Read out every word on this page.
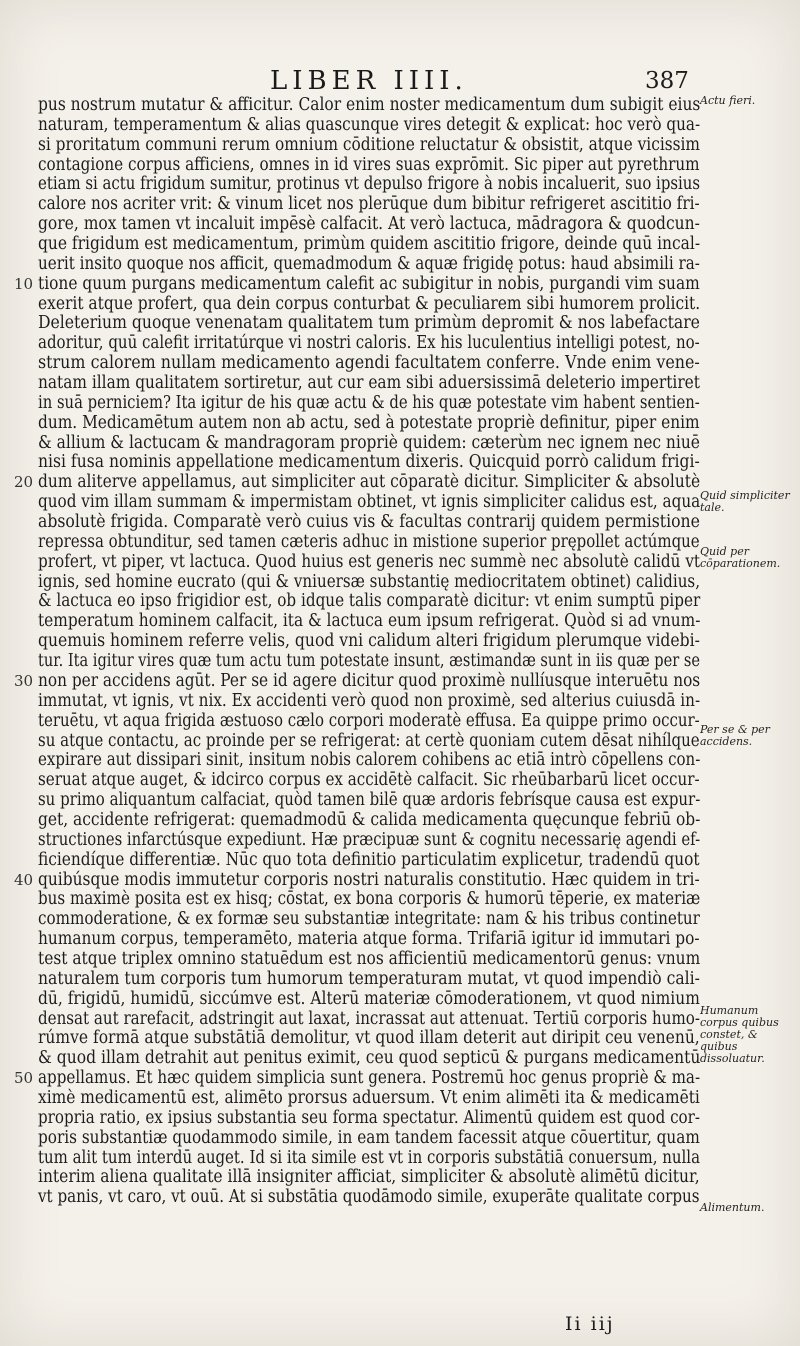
LIBER IIII.	387
pus nostrum mutatur & afficitur. Calor enim noster medicamentum dum subigit eius
naturam, temperamentum & alias quascunque vires detegit & explicat: hoc verò qua-
si proritatum communi rerum omnium cōditione reluctatur & obsistit, atque vicissim
contagione corpus afficiens, omnes in id vires suas exprōmit. Sic piper aut pyrethrum
etiam si actu frigidum sumitur, protinus vt depulso frigore à nobis incaluerit, suo ipsius
calore nos acriter vrit: & vinum licet nos plerūque dum bibitur refrigeret ascititio fri-
gore, mox tamen vt incaluit impēsè calfacit. At verò lactuca, mādragora & quodcun-
que frigidum est medicamentum, primùm quidem ascititio frigore, deinde quū incal-
uerit insito quoque nos afficit, quemadmodum & aquæ frigidę potus: haud absimili ra-
10 tione quum purgans medicamentum calefit ac subigitur in nobis, purgandi vim suam
exerit atque profert, qua dein corpus conturbat & peculiarem sibi humorem prolicit.
Deleterium quoque venenatam qualitatem tum primùm depromit & nos labefactare
adoritur, quū calefit irritatúrque vi nostri caloris. Ex his luculentius intelligi potest, no-
strum calorem nullam medicamento agendi facultatem conferre. Vnde enim vene-
natam illam qualitatem sortiretur, aut cur eam sibi aduersissimā deleterio impertiret
in suā perniciem? Ita igitur de his quæ actu & de his quæ potestate vim habent sentien-
dum. Medicamētum autem non ab actu, sed à potestate propriè definitur, piper enim
& allium & lactucam & mandragoram propriè quidem: cæterùm nec ignem nec niuē
nisi fusa nominis appellatione medicamentum dixeris. Quicquid porrò calidum frigi-
20 dum aliterve appellamus, aut simpliciter aut cōparatè dicitur. Simpliciter & absolutè
quod vim illam summam & impermistam obtinet, vt ignis simpliciter calidus est, aqua
absolutè frigida. Comparatè verò cuius vis & facultas contrarij quidem permistione
repressa obtunditur, sed tamen cæteris adhuc in mistione superior prępollet actúmque
profert, vt piper, vt lactuca. Quod huius est generis nec summè nec absolutè calidū vt
ignis, sed homine eucrato (qui & vniuersæ substantię mediocritatem obtinet) calidius,
& lactuca eo ipso frigidior est, ob idque talis comparatè dicitur: vt enim sumptū piper
temperatum hominem calfacit, ita & lactuca eum ipsum refrigerat. Quòd si ad vnum-
quemuis hominem referre velis, quod vni calidum alteri frigidum plerumque videbi-
tur. Ita igitur vires quæ tum actu tum potestate insunt, æstimandæ sunt in iis quæ per se
30 non per accidens agūt. Per se id agere dicitur quod proximè nullíusque interuētu nos
immutat, vt ignis, vt nix. Ex accidenti verò quod non proximè, sed alterius cuiusdā in-
teruētu, vt aqua frigida æstuoso cælo corpori moderatè effusa. Ea quippe primo occur-
su atque contactu, ac proinde per se refrigerat: at certè quoniam cutem dēsat nihílque
expirare aut dissipari sinit, insitum nobis calorem cohibens ac etiā intrò cōpellens con-
seruat atque auget, & idcirco corpus ex accidētè calfacit. Sic rheūbarbarū licet occur-
su primo aliquantum calfaciat, quòd tamen bilē quæ ardoris febrísque causa est expur-
get, accidente refrigerat: quemadmodū & calida medicamenta quęcunque febriū ob-
structiones infarctúsque expediunt. Hæ præcipuæ sunt & cognitu necessarię agendi ef-
ficiendíque differentiæ. Nūc quo tota definitio particulatim explicetur, tradendū quot
40 quibúsque modis immutetur corporis nostri naturalis constitutio. Hæc quidem in tri-
bus maximè posita est ex hisq; cōstat, ex bona corporis & humorū tēperie, ex materiæ
commoderatione, & ex formæ seu substantiæ integritate: nam & his tribus continetur
humanum corpus, temperamēto, materia atque forma. Trifariā igitur id immutari po-
test atque triplex omnino statuēdum est nos afficientiū medicamentorū genus: vnum
naturalem tum corporis tum humorum temperaturam mutat, vt quod impendiò cali-
dū, frigidū, humidū, siccúmve est. Alterū materiæ cōmoderationem, vt quod nimium
densat aut rarefacit, adstringit aut laxat, incrassat aut attenuat. Tertiū corporis humo-
rúmve formā atque substātiā demolitur, vt quod illam deterit aut diripit ceu venenū,
& quod illam detrahit aut penitus eximit, ceu quod septicū & purgans medicamentū
50 appellamus. Et hæc quidem simplicia sunt genera. Postremū hoc genus propriè & ma-
ximè medicamentū est, alimēto prorsus aduersum. Vt enim alimēti ita & medicamēti
propria ratio, ex ipsius substantia seu forma spectatur. Alimentū quidem est quod cor-
poris substantiæ quodammodo simile, in eam tandem facessit atque cōuertitur, quam
tum alit tum interdū auget. Id si ita simile est vt in corporis substātiā conuersum, nulla
interim aliena qualitate illā insigniter afficiat, simpliciter & absolutè alimētū dicitur,
vt panis, vt caro, vt ouū. At si substātia quodāmodo simile, exuperāte qualitate corpus
Actu fieri.
Quid simpliciter tale.
Quid per cōparationem.
Per se & per accidens.
Humanum corpus quibus constet, & quibus dissoluatur.
Alimentum.
Ii iij
